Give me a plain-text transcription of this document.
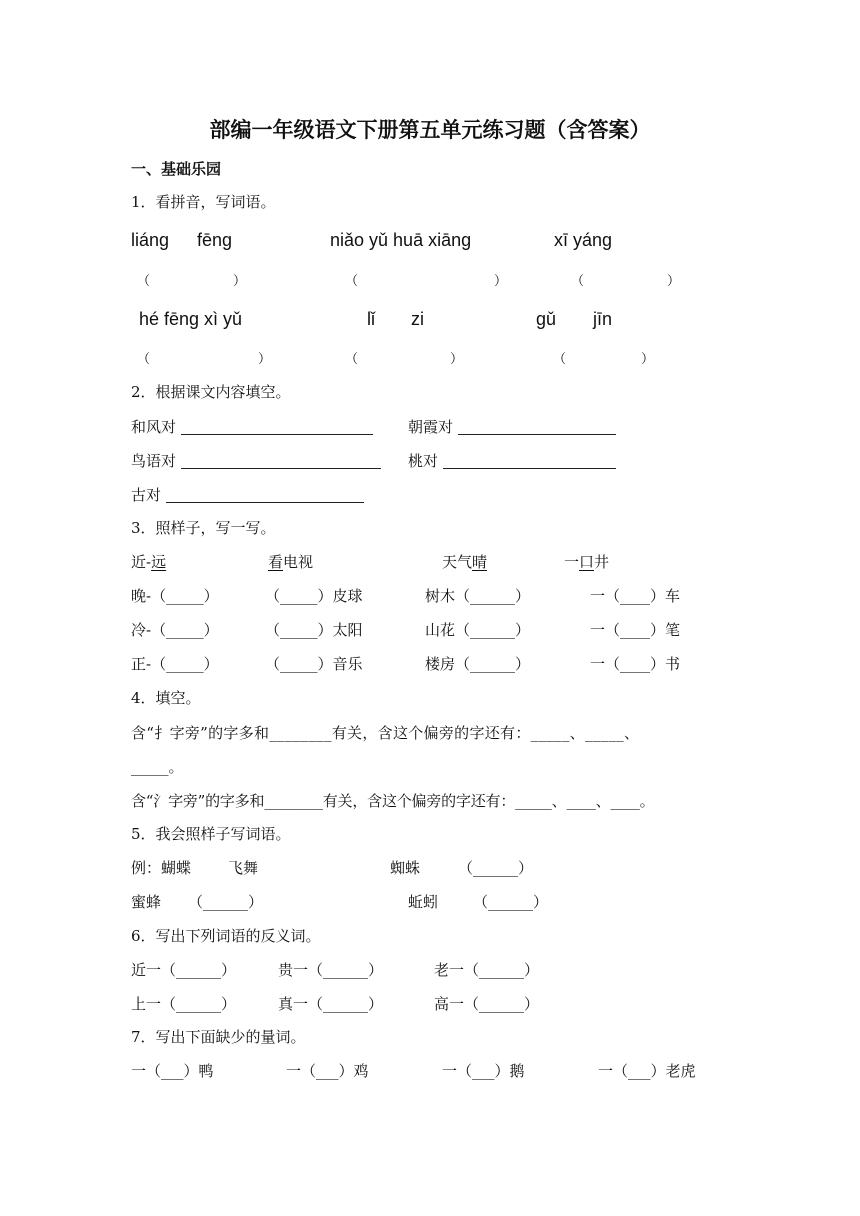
部编一年级语文下册第五单元练习题（含答案）
一、基础乐园
1．看拼音，写词语。
liáng fēng	niǎo yǔ huā xiāng	xī yáng
（	）	（	）	（	）
hé fēng xì yǔ	lǐ zi	gǔ jīn
（	）	（	）	（	）
2．根据课文内容填空。
和风对	朝霞对
鸟语对	桃对
古对
3．照样子，写一写。
近-远	看电视	天气晴	一口井
晚-（_____）	（_____）皮球	树木（______）	一（____）车
冷-（_____）	（_____）太阳	山花（______）	一（____）笔
正-（_____）	（_____）音乐	楼房（______）	一（____）书
4．填空。
含“扌字旁”的字多和________有关，含这个偏旁的字还有：_____、_____、
_____。
含“氵字旁”的字多和________有关，含这个偏旁的字还有：_____、____、____。
5．我会照样子写词语。
例：蝴蝶 飞舞	蜘蛛	（______）
蜜蜂 （______）	蚯蚓 （______）
6．写出下列词语的反义词。
近一（______）	贵一（______）	老一（______）
上一（______）	真一（______）	高一（______）
7．写出下面缺少的量词。
一（___）鸭	一（___）鸡	一（___）鹅	一（___）老虎
